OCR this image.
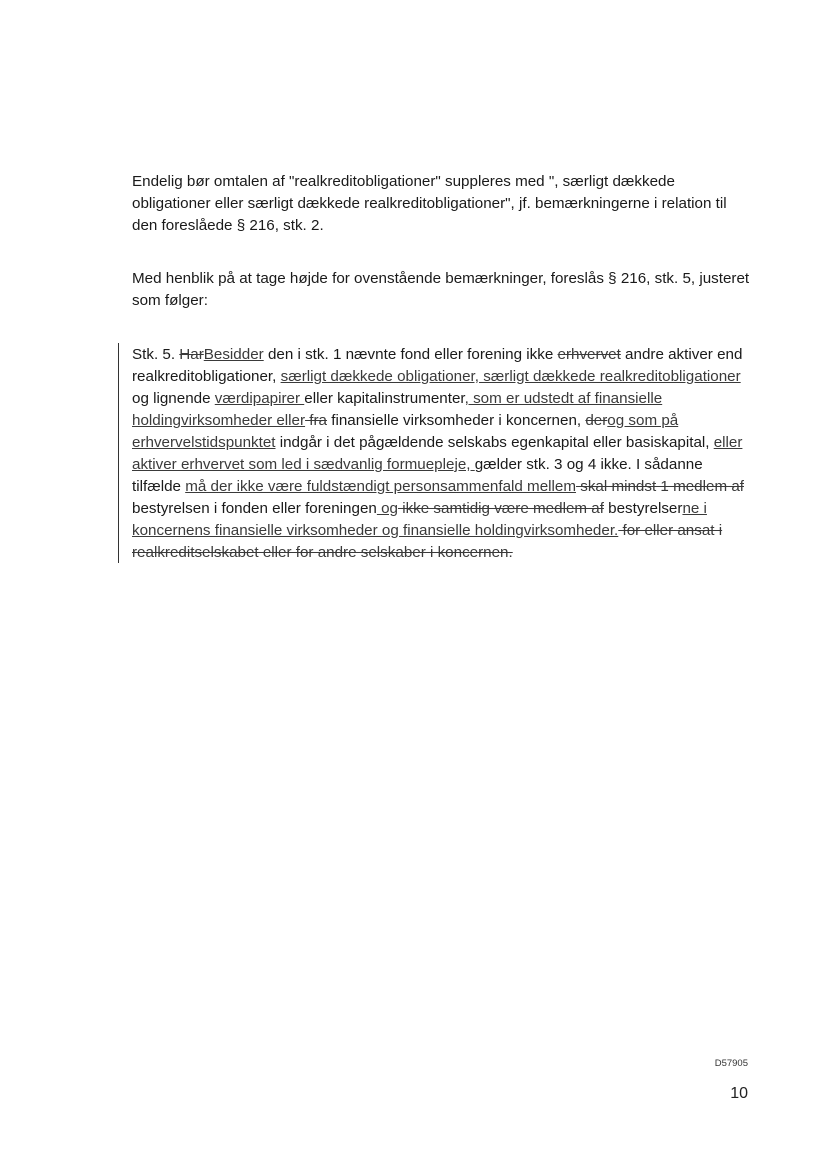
Endelig bør omtalen af "realkreditobligationer" suppleres med ", særligt dækkede obligationer eller særligt dækkede realkreditobligationer", jf. bemærkningerne i relation til den foreslåede § 216, stk. 2.

Med henblik på at tage højde for ovenstående bemærkninger, foreslås § 216, stk. 5, justeret som følger:

Stk. 5. HarBesidder den i stk. 1 nævnte fond eller forening ikke erhvervet andre aktiver end realkreditobligationer, særligt dækkede obligationer, særligt dækkede realkreditobligationer og lignende værdipapirer eller kapitalinstrumenter, som er udstedt af finansielle holdingvirksomheder eller fra finansielle virksomheder i koncernen, derog som på erhvervelstidspunktet indgår i det pågældende selskabs egenkapital eller basiskapital, eller aktiver erhvervet som led i sædvanlig formuepleje, gælder stk. 3 og 4 ikke. I sådanne tilfælde må der ikke være fuldstændigt personsammenfald mellem skal mindst 1 medlem af bestyrelsen i fonden eller foreningen og ikke samtidig være medlem af bestyrelserne i koncernens finansielle virksomheder og finansielle holdingvirksomheder. for eller ansat i realkreditselskabet eller for andre selskaber i koncernen.

D57905
10
